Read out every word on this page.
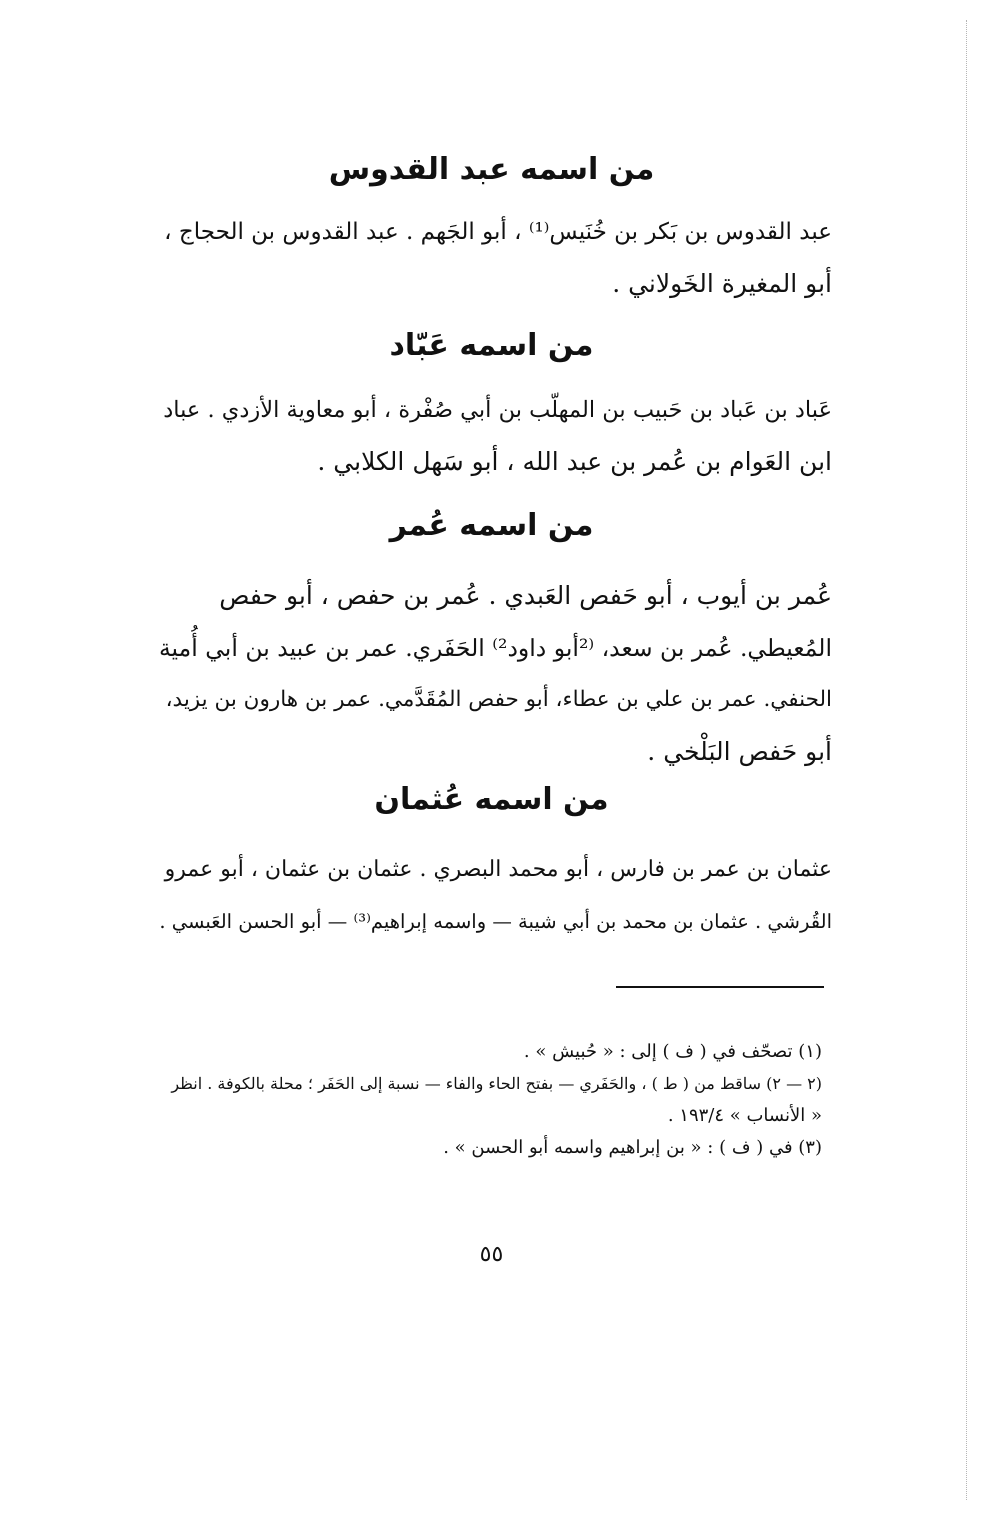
من اسمه عبد القدوس
عبد القدوس بن بَكر بن خُنَيس⁽¹⁾ ، أبو الجَهم . عبد القدوس بن الحجاج ،
أبو المغيرة الخَولاني .
من اسمه عَبّاد
عَباد بن عَباد بن حَبيب بن المهلّب بن أبي صُفْرة ، أبو معاوية الأزدي . عباد
ابن العَوام بن عُمر بن عبد الله ، أبو سَهل الكلابي .
من اسمه عُمر
عُمر بن أيوب ، أبو حَفص العَبدي . عُمر بن حفص ، أبو حفص
المُعيطي. عُمر بن سعد، ⁽²أبو داود²⁾ الحَفَري. عمر بن عبيد بن أبي أُمية
الحنفي. عمر بن علي بن عطاء، أبو حفص المُقَدَّمي. عمر بن هارون بن يزيد،
أبو حَفص البَلْخي .
من اسمه عُثمان
عثمان بن عمر بن فارس ، أبو محمد البصري . عثمان بن عثمان ، أبو عمرو
القُرشي . عثمان بن محمد بن أبي شيبة — واسمه إبراهيم⁽³⁾ — أبو الحسن العَبسي .
(١) تصحّف في ( ف ) إلى : « حُبيش » .
(٢ — ٢) ساقط من ( ط ) ، والحَفَري — بفتح الحاء والفاء — نسبة إلى الحَفَر ؛ محلة بالكوفة . انظر
« الأنساب » ١٩٣/٤ .
(٣) في ( ف ) : « بن إبراهيم واسمه أبو الحسن » .
٥٥
